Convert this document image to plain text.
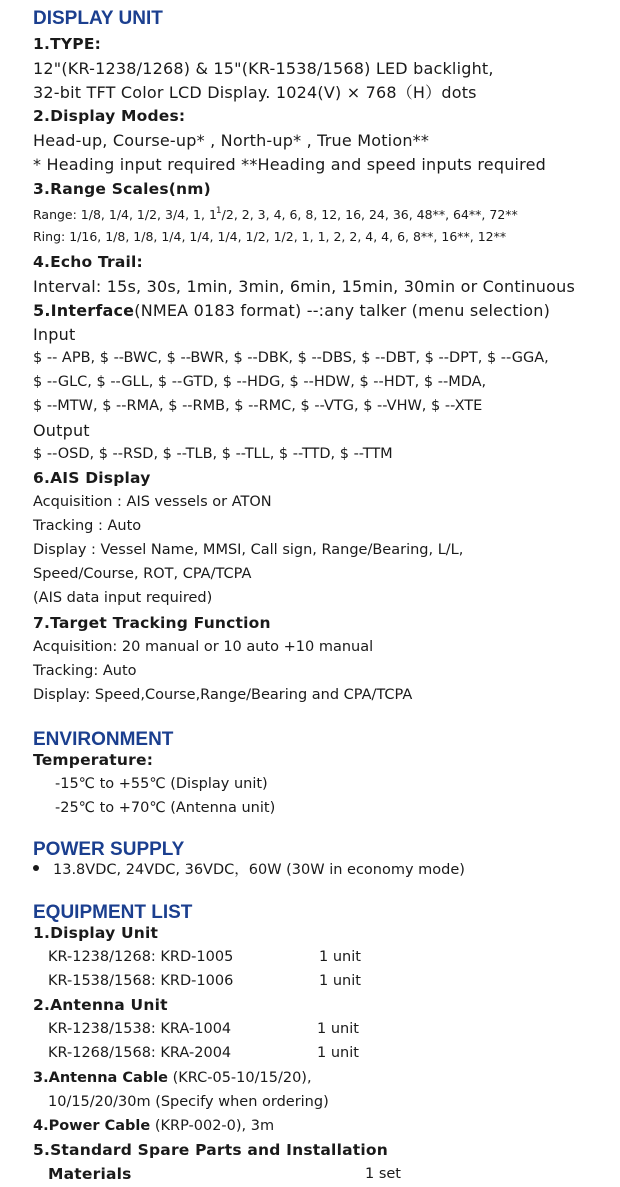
DISPLAY UNIT
1.TYPE:
12"(KR-1238/1268) & 15"(KR-1538/1568) LED backlight,
32-bit TFT Color LCD Display. 1024(V) × 768（H）dots
2.Display Modes:
Head-up, Course-up* , North-up* , True Motion**
* Heading input required **Heading and speed inputs required
3.Range Scales(nm)
Range: 1/8, 1/4, 1/2, 3/4, 1, $1^1/2$, 2, 3, 4, 6, 8, 12, 16, 24, 36, 48**, 64**, 72**
Ring: 1/16, 1/8, 1/8, 1/4, 1/4, 1/4, 1/2, 1/2, 1, 1, 2, 2, 4, 4, 6, 8**, 16**, 12**
4.Echo Trail:
Interval: 15s, 30s, 1min, 3min, 6min, 15min, 30min or Continuous
5.Interface(NMEA 0183 format) --:any talker (menu selection)
Input
$ -- APB, $ --BWC, $ --BWR, $ --DBK, $ --DBS, $ --DBT, $ --DPT, $ --GGA,
$ --GLC, $ --GLL, $ --GTD, $ --HDG, $ --HDW, $ --HDT, $ --MDA,
$ --MTW, $ --RMA, $ --RMB, $ --RMC, $ --VTG, $ --VHW, $ --XTE
Output
$ --OSD, $ --RSD, $ --TLB, $ --TLL, $ --TTD, $ --TTM
6.AIS Display
Acquisition : AIS vessels or ATON
Tracking : Auto
Display : Vessel Name, MMSI, Call sign, Range/Bearing, L/L,
Speed/Course, ROT, CPA/TCPA
(AIS data input required)
7.Target Tracking Function
Acquisition: 20 manual or 10 auto +10 manual
Tracking: Auto
Display: Speed,Course,Range/Bearing and CPA/TCPA
ENVIRONMENT
Temperature:
-15℃ to +55℃ (Display unit)
-25℃ to +70℃ (Antenna unit)
POWER SUPPLY
13.8VDC, 24VDC, 36VDC，60W (30W in economy mode)
EQUIPMENT LIST
1.Display Unit
KR-1238/1268: KRD-1005	1 unit
KR-1538/1568: KRD-1006	1 unit
2.Antenna Unit
KR-1238/1538: KRA-1004	1 unit
KR-1268/1568: KRA-2004	1 unit
3.Antenna Cable (KRC-05-10/15/20),
10/15/20/30m (Specify when ordering)
4.Power Cable (KRP-002-0), 3m
5.Standard Spare Parts and Installation
Materials	1 set
